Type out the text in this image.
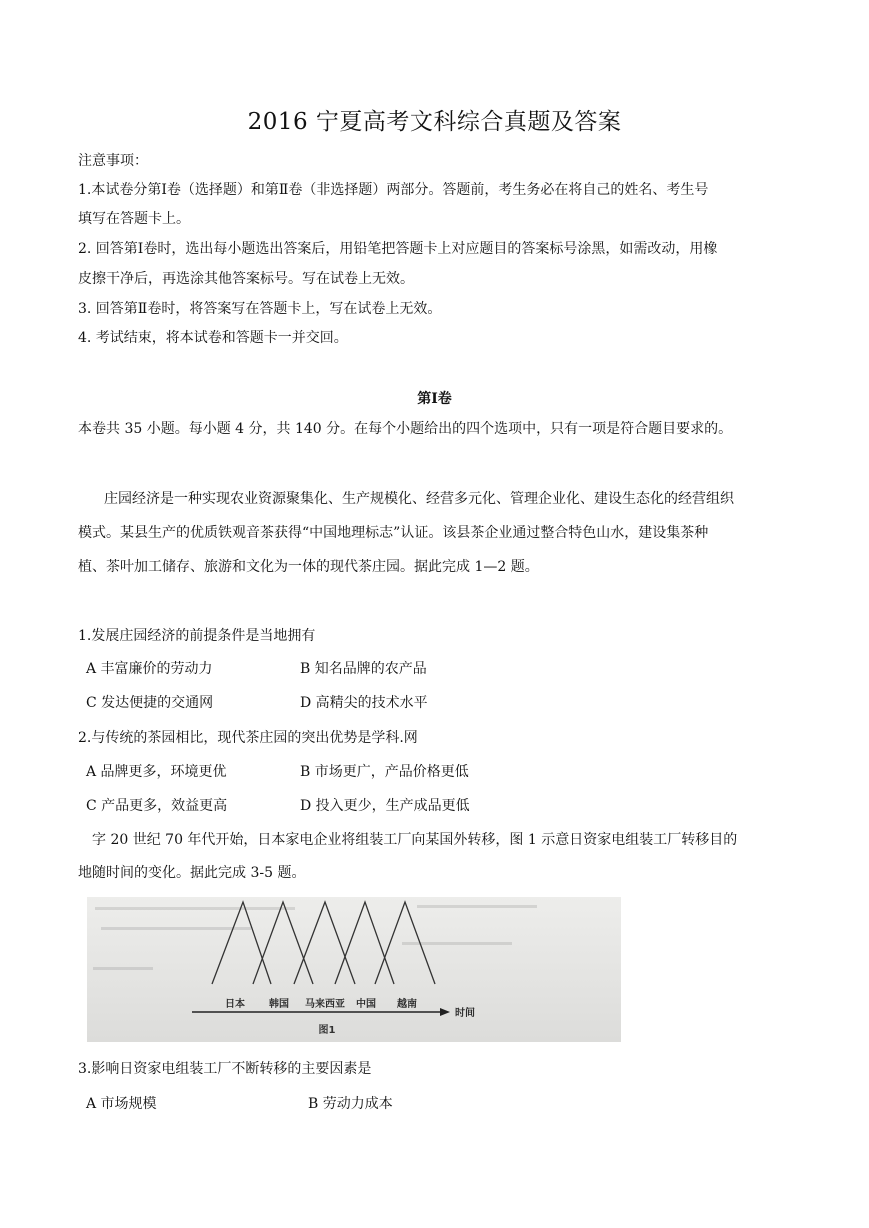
2016 宁夏高考文科综合真题及答案
注意事项：
1.本试卷分第Ⅰ卷（选择题）和第Ⅱ卷（非选择题）两部分。答题前，考生务必在将自己的姓名、考生号
填写在答题卡上。
2. 回答第Ⅰ卷时，选出每小题选出答案后，用铅笔把答题卡上对应题目的答案标号涂黑，如需改动，用橡
皮擦干净后，再选涂其他答案标号。写在试卷上无效。
3. 回答第Ⅱ卷时，将答案写在答题卡上，写在试卷上无效。
4. 考试结束，将本试卷和答题卡一并交回。
第Ⅰ卷
本卷共 35 小题。每小题 4 分，共 140 分。在每个小题给出的四个选项中，只有一项是符合题目要求的。
庄园经济是一种实现农业资源聚集化、生产规模化、经营多元化、管理企业化、建设生态化的经营组织
模式。某县生产的优质铁观音茶获得“中国地理标志”认证。该县茶企业通过整合特色山水，建设集茶种
植、茶叶加工储存、旅游和文化为一体的现代茶庄园。据此完成 1—2 题。
1.发展庄园经济的前提条件是当地拥有
A 丰富廉价的劳动力	B 知名品牌的农产品
C 发达便捷的交通网	D 高精尖的技术水平
2.与传统的茶园相比，现代茶庄园的突出优势是学科.网
A 品牌更多，环境更优	B 市场更广，产品价格更低
C 产品更多，效益更高	D 投入更少，生产成品更低
字 20 世纪 70 年代开始，日本家电企业将组装工厂向某国外转移，图 1 示意日资家电组装工厂转移目的
地随时间的变化。据此完成 3-5 题。
日本 韩国 马来西亚 中国 越南
时间
图1
3.影响日资家电组装工厂不断转移的主要因素是
A 市场规模	B 劳动力成本
